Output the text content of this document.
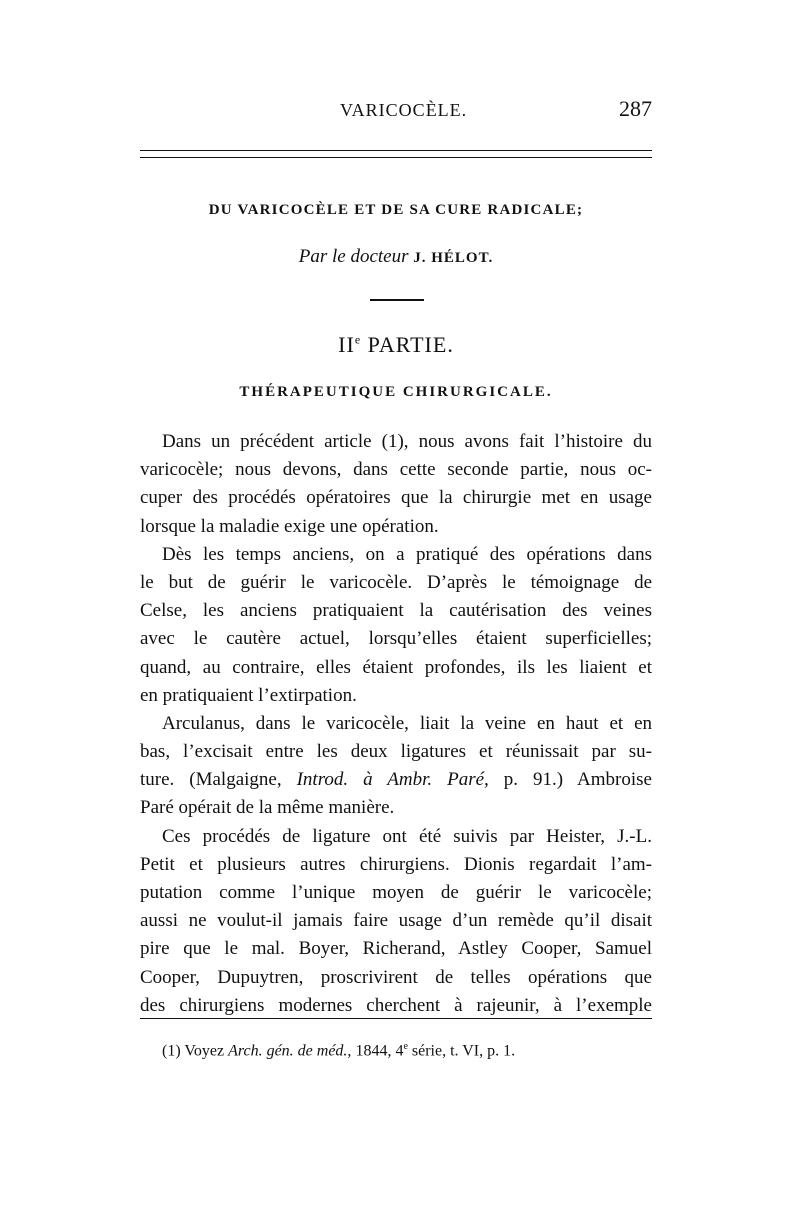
VARICOCÈLE.	287
DU VARICOCÈLE ET DE SA CURE RADICALE;
Par le docteur J. HÉLOT.
IIe PARTIE.
THÉRAPEUTIQUE CHIRURGICALE.
Dans un précédent article (1), nous avons fait l’histoire du
varicocèle; nous devons, dans cette seconde partie, nous oc-
cuper des procédés opératoires que la chirurgie met en usage
lorsque la maladie exige une opération.
Dès les temps anciens, on a pratiqué des opérations dans
le but de guérir le varicocèle. D’après le témoignage de
Celse, les anciens pratiquaient la cautérisation des veines
avec le cautère actuel, lorsqu’elles étaient superficielles;
quand, au contraire, elles étaient profondes, ils les liaient et
en pratiquaient l’extirpation.
Arculanus, dans le varicocèle, liait la veine en haut et en
bas, l’excisait entre les deux ligatures et réunissait par su-
ture. (Malgaigne, Introd. à Ambr. Paré, p. 91.) Ambroise
Paré opérait de la même manière.
Ces procédés de ligature ont été suivis par Heister, J.-L.
Petit et plusieurs autres chirurgiens. Dionis regardait l’am-
putation comme l’unique moyen de guérir le varicocèle;
aussi ne voulut-il jamais faire usage d’un remède qu’il disait
pire que le mal. Boyer, Richerand, Astley Cooper, Samuel
Cooper, Dupuytren, proscrivirent de telles opérations que
des chirurgiens modernes cherchent à rajeunir, à l’exemple
(1) Voyez Arch. gén. de méd., 1844, 4e série, t. VI, p. 1.
